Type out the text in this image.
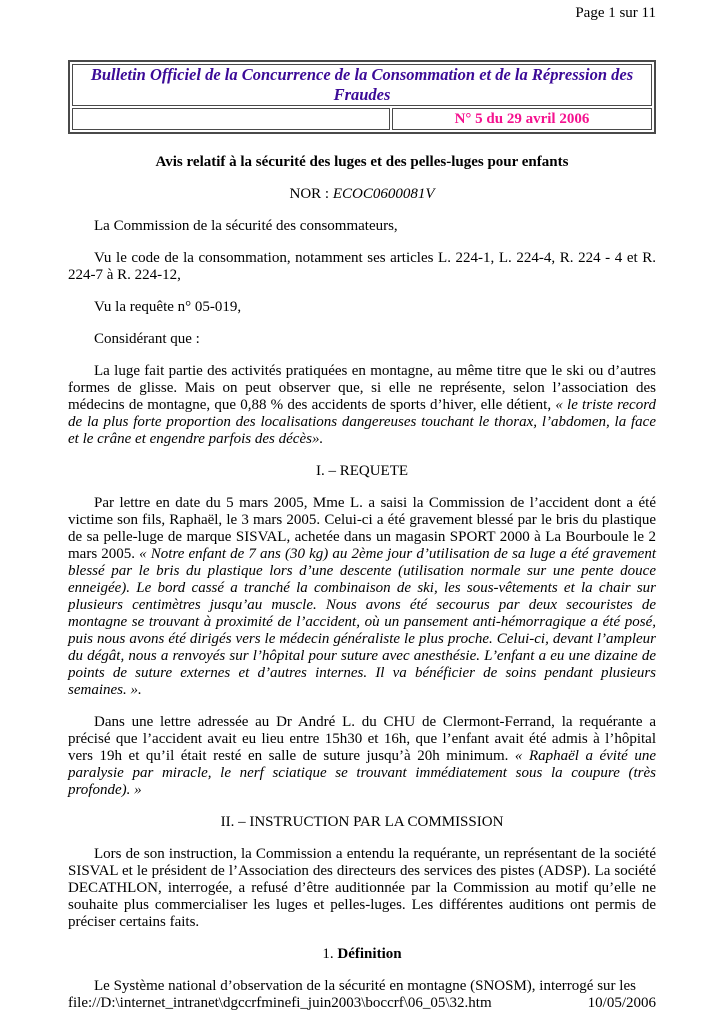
Page 1 sur 11
Bulletin Officiel de la Concurrence de la Consommation et de la Répression des Fraudes
	N° 5 du 29 avril 2006

Avis relatif à la sécurité des luges et des pelles-luges pour enfants

NOR : ECOC0600081V

La Commission de la sécurité des consommateurs,

Vu le code de la consommation, notamment ses articles L. 224-1, L. 224-4, R. 224 - 4 et R. 224-7 à R. 224-12,

Vu la requête n° 05-019,

Considérant que :

La luge fait partie des activités pratiquées en montagne, au même titre que le ski ou d’autres formes de glisse. Mais on peut observer que, si elle ne représente, selon l’association des médecins de montagne, que 0,88 % des accidents de sports d’hiver, elle détient, « le triste record de la plus forte proportion des localisations dangereuses touchant le thorax, l’abdomen, la face et le crâne et engendre parfois des décès».

I. – REQUETE

Par lettre en date du 5 mars 2005, Mme L. a saisi la Commission de l’accident dont a été victime son fils, Raphaël, le 3 mars 2005. Celui-ci a été gravement blessé par le bris du plastique de sa pelle-luge de marque SISVAL, achetée dans un magasin SPORT 2000 à La Bourboule le 2 mars 2005. « Notre enfant de 7 ans (30 kg) au 2ème jour d’utilisation de sa luge a été gravement blessé par le bris du plastique lors d’une descente (utilisation normale sur une pente douce enneigée). Le bord cassé a tranché la combinaison de ski, les sous-vêtements et la chair sur plusieurs centimètres jusqu’au muscle. Nous avons été secourus par deux secouristes de montagne se trouvant à proximité de l’accident, où un pansement anti-hémorragique a été posé, puis nous avons été dirigés vers le médecin généraliste le plus proche. Celui-ci, devant l’ampleur du dégât, nous a renvoyés sur l’hôpital pour suture avec anesthésie. L’enfant a eu une dizaine de points de suture externes et d’autres internes. Il va bénéficier de soins pendant plusieurs semaines. ».

Dans une lettre adressée au Dr André L. du CHU de Clermont-Ferrand, la requérante a précisé que l’accident avait eu lieu entre 15h30 et 16h, que l’enfant avait été admis à l’hôpital vers 19h et qu’il était resté en salle de suture jusqu’à 20h minimum. « Raphaël a évité une paralysie par miracle, le nerf sciatique se trouvant immédiatement sous la coupure (très profonde). »

II. – INSTRUCTION PAR LA COMMISSION

Lors de son instruction, la Commission a entendu la requérante, un représentant de la société SISVAL et le président de l’Association des directeurs des services des pistes (ADSP). La société DECATHLON, interrogée, a refusé d’être auditionnée par la Commission au motif qu’elle ne souhaite plus commercialiser les luges et pelles-luges. Les différentes auditions ont permis de préciser certains faits.

1. Définition

Le Système national d’observation de la sécurité en montagne (SNOSM), interrogé sur les

file://D:\internet_intranet\dgccrfminefi_juin2003\boccrf\06_05\32.htm	10/05/2006
